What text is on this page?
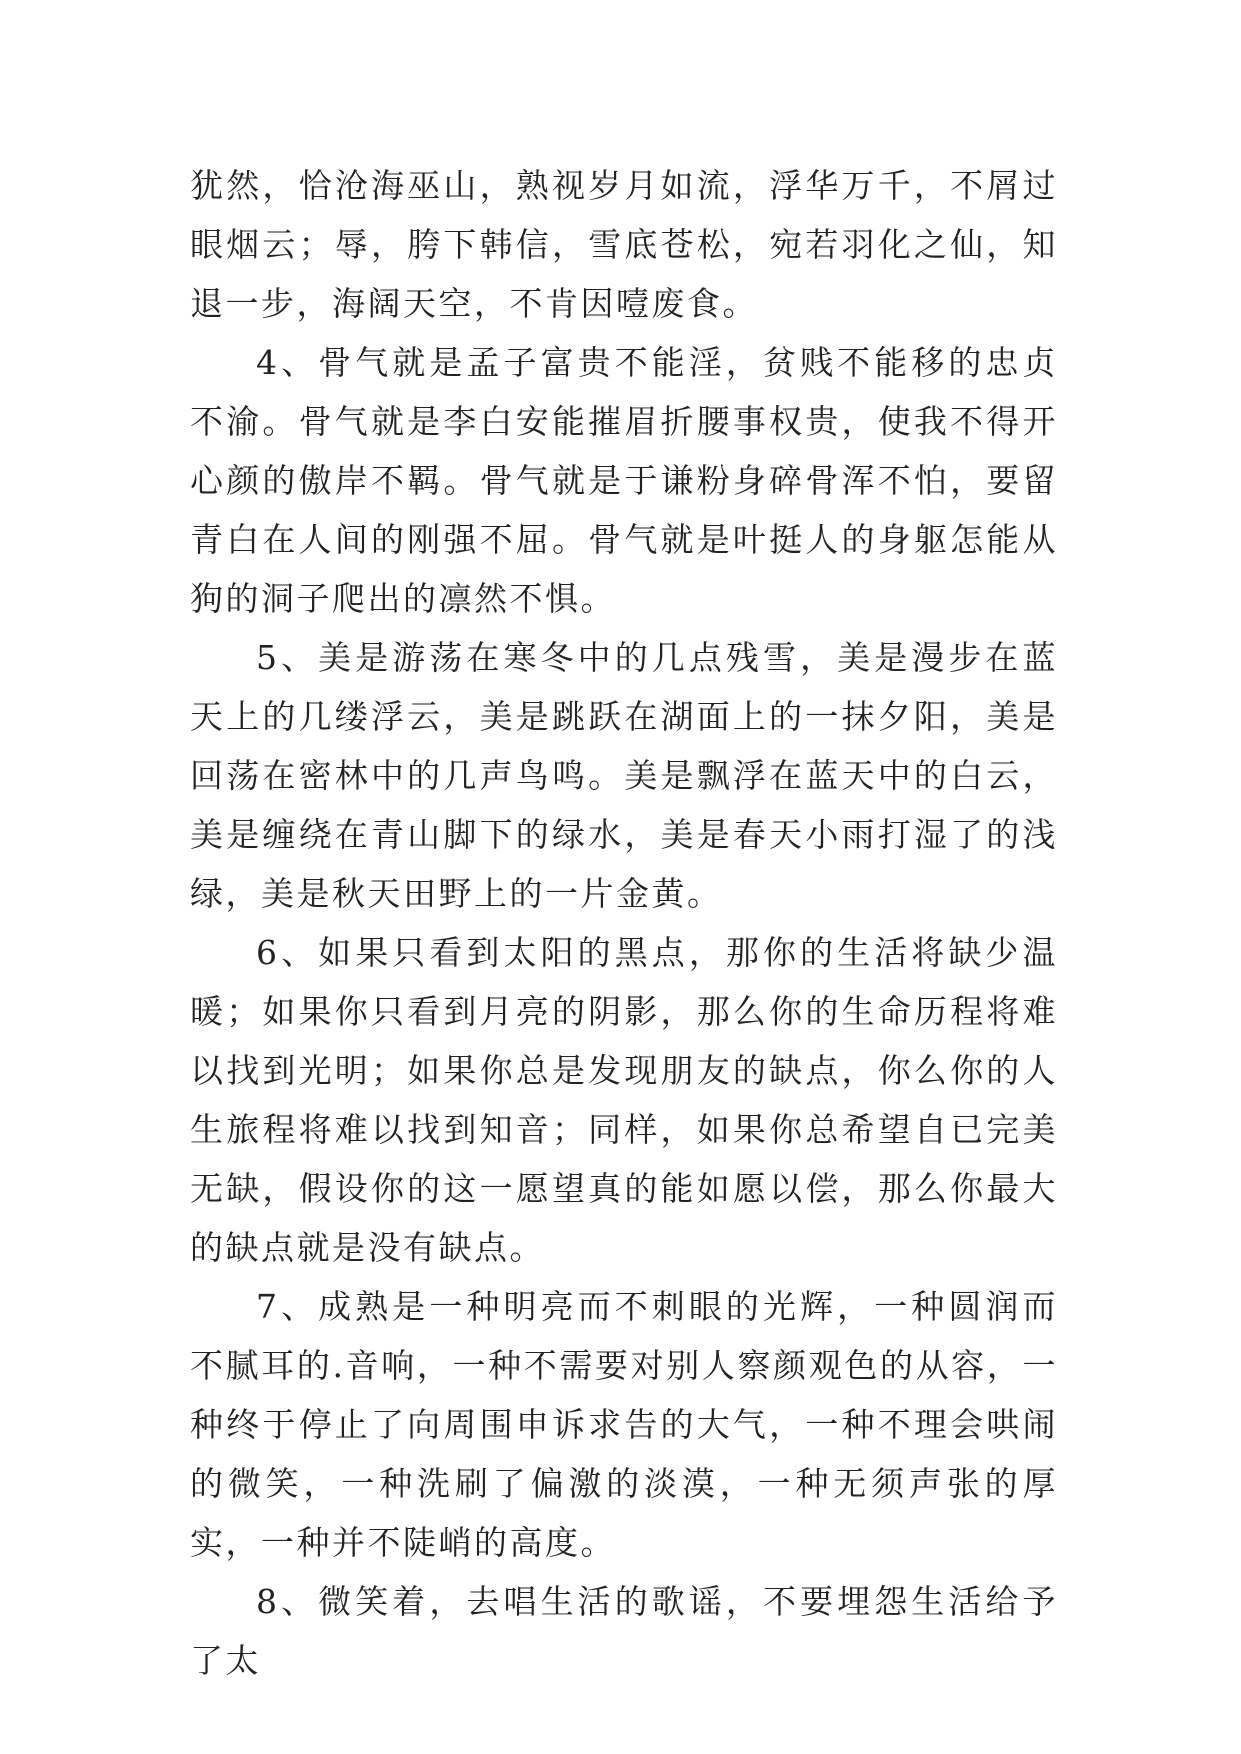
犹然，恰沧海巫山，熟视岁月如流，浮华万千，不屑过眼烟云；辱，胯下韩信，雪底苍松，宛若羽化之仙，知退一步，海阔天空，不肯因噎废食。

4、骨气就是孟子富贵不能淫，贫贱不能移的忠贞不渝。骨气就是李白安能摧眉折腰事权贵，使我不得开心颜的傲岸不羁。骨气就是于谦粉身碎骨浑不怕，要留青白在人间的刚强不屈。骨气就是叶挺人的身躯怎能从狗的洞子爬出的凛然不惧。

5、美是游荡在寒冬中的几点残雪，美是漫步在蓝天上的几缕浮云，美是跳跃在湖面上的一抹夕阳，美是回荡在密林中的几声鸟鸣。美是飘浮在蓝天中的白云，美是缠绕在青山脚下的绿水，美是春天小雨打湿了的浅绿，美是秋天田野上的一片金黄。

6、如果只看到太阳的黑点，那你的生活将缺少温暖；如果你只看到月亮的阴影，那么你的生命历程将难以找到光明；如果你总是发现朋友的缺点，你么你的人生旅程将难以找到知音；同样，如果你总希望自已完美无缺，假设你的这一愿望真的能如愿以偿，那么你最大的缺点就是没有缺点。

7、成熟是一种明亮而不刺眼的光辉，一种圆润而不腻耳的.音响，一种不需要对别人察颜观色的从容，一种终于停止了向周围申诉求告的大气，一种不理会哄闹的微笑，一种洗刷了偏激的淡漠，一种无须声张的厚实，一种并不陡峭的高度。

8、微笑着，去唱生活的歌谣，不要埋怨生活给予了太
